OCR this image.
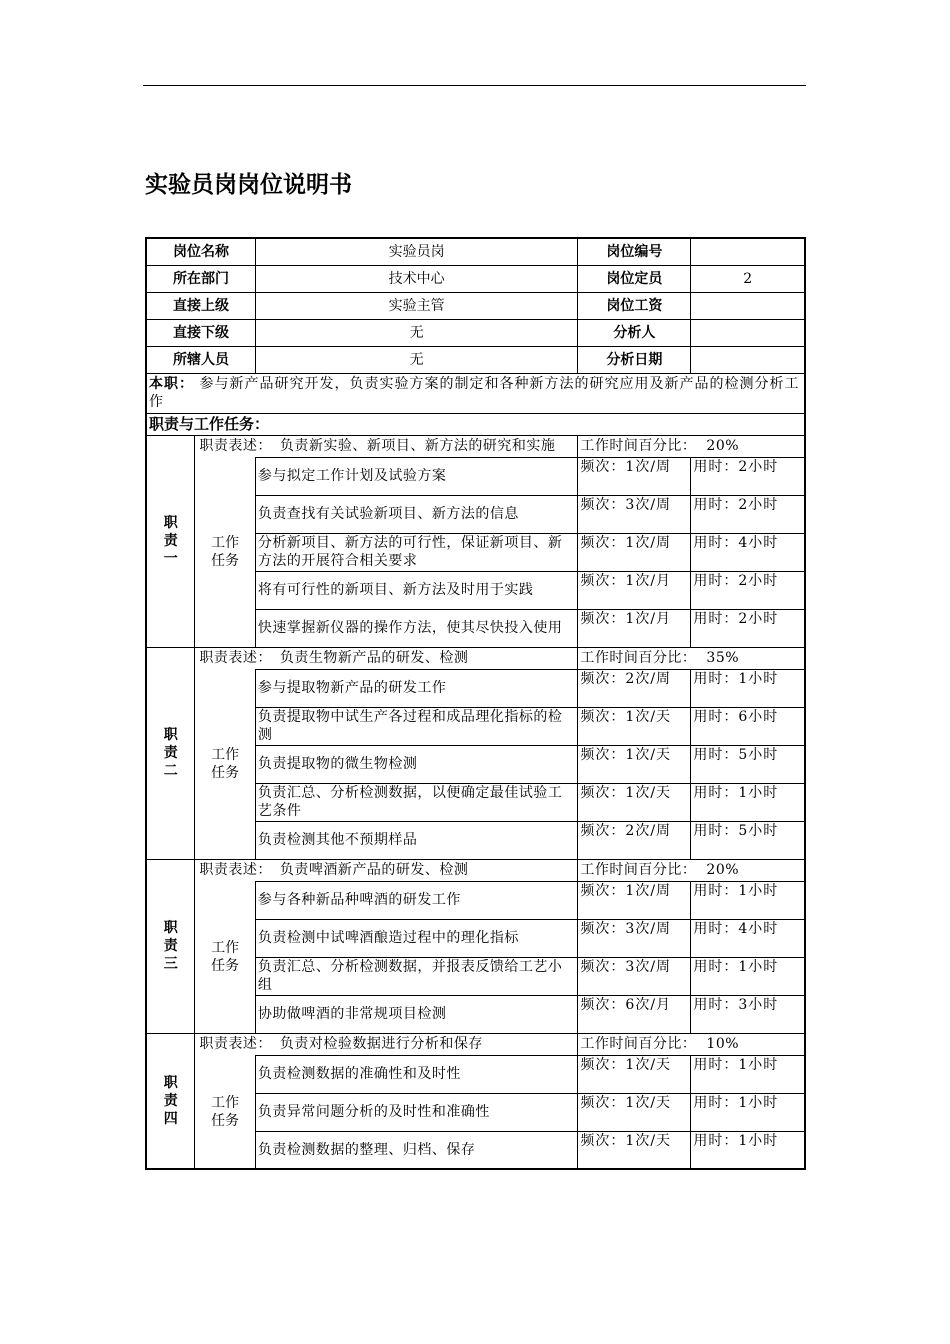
实验员岗岗位说明书
岗位名称		实验员岗	岗位编号	
所在部门		技术中心	岗位定员	2
直接上级		实验主管	岗位工资	
直接下级		无	分析人	
所辖人员		无	分析日期	
本职： 参与新产品研究开发，负责实验方案的制定和各种新方法的研究应用及新产品的检测分析工作				
职责与工作任务：				

职
责
一	职责表述： 负责新实验、新项目、新方法的研究和实施		工作时间百分比： 20%	

	工作
任务	参与拟定工作计划及试验方案	频次：1次/周	用时：2小时
		负责查找有关试验新项目、新方法的信息	频次：3次/周	用时：2小时
		分析新项目、新方法的可行性，保证新项目、新方法的开展符合相关要求	频次：1次/周	用时：4小时
		将有可行性的新项目、新方法及时用于实践	频次：1次/月	用时：2小时
		快速掌握新仪器的操作方法，使其尽快投入使用	频次：1次/月	用时：2小时

职
责
二	职责表述： 负责生物新产品的研发、检测		工作时间百分比： 35%	

	工作
任务	参与提取物新产品的研发工作	频次：2次/周	用时：1小时
		负责提取物中试生产各过程和成品理化指标的检测	频次：1次/天	用时：6小时
		负责提取物的微生物检测	频次：1次/天	用时：5小时
		负责汇总、分析检测数据，以便确定最佳试验工艺条件	频次：1次/天	用时：1小时
		负责检测其他不预期样品	频次：2次/周	用时：5小时

职
责
三	职责表述： 负责啤酒新产品的研发、检测		工作时间百分比： 20%	

	工作
任务	参与各种新品种啤酒的研发工作	频次：1次/周	用时：1小时
		负责检测中试啤酒酿造过程中的理化指标	频次：3次/周	用时：4小时
		负责汇总、分析检测数据，并报表反馈给工艺小组	频次：3次/周	用时：1小时
		协助做啤酒的非常规项目检测	频次：6次/月	用时：3小时

职
责
四	职责表述： 负责对检验数据进行分析和保存		工作时间百分比： 10%	

	工作
任务	负责检测数据的准确性和及时性	频次：1次/天	用时：1小时
		负责异常问题分析的及时性和准确性	频次：1次/天	用时：1小时
		负责检测数据的整理、归档、保存	频次：1次/天	用时：1小时
